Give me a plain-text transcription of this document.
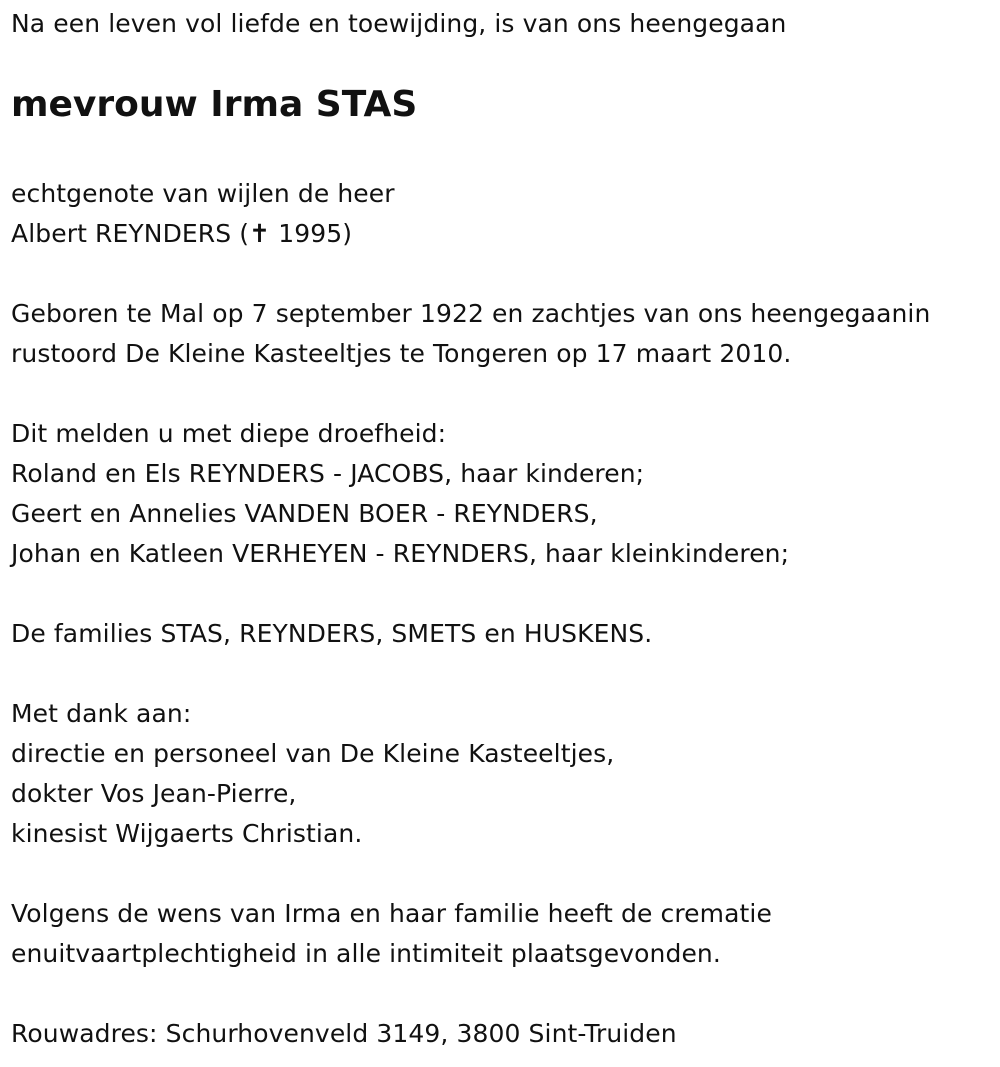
Na een leven vol liefde en toewijding, is van ons heengegaan
mevrouw Irma STAS
echtgenote van wijlen de heer
Albert REYNDERS (✝ 1995)
Geboren te Mal op 7 september 1922 en zachtjes van ons heengegaanin
rustoord De Kleine Kasteeltjes te Tongeren op 17 maart 2010.
Dit melden u met diepe droefheid:
Roland en Els REYNDERS - JACOBS, haar kinderen;
Geert en Annelies VANDEN BOER - REYNDERS,
Johan en Katleen VERHEYEN - REYNDERS, haar kleinkinderen;
De families STAS, REYNDERS, SMETS en HUSKENS.
Met dank aan:
directie en personeel van De Kleine Kasteeltjes,
dokter Vos Jean-Pierre,
kinesist Wijgaerts Christian.
Volgens de wens van Irma en haar familie heeft de crematie
enuitvaartplechtigheid in alle intimiteit plaatsgevonden.
Rouwadres: Schurhovenveld 3149, 3800 Sint-Truiden
